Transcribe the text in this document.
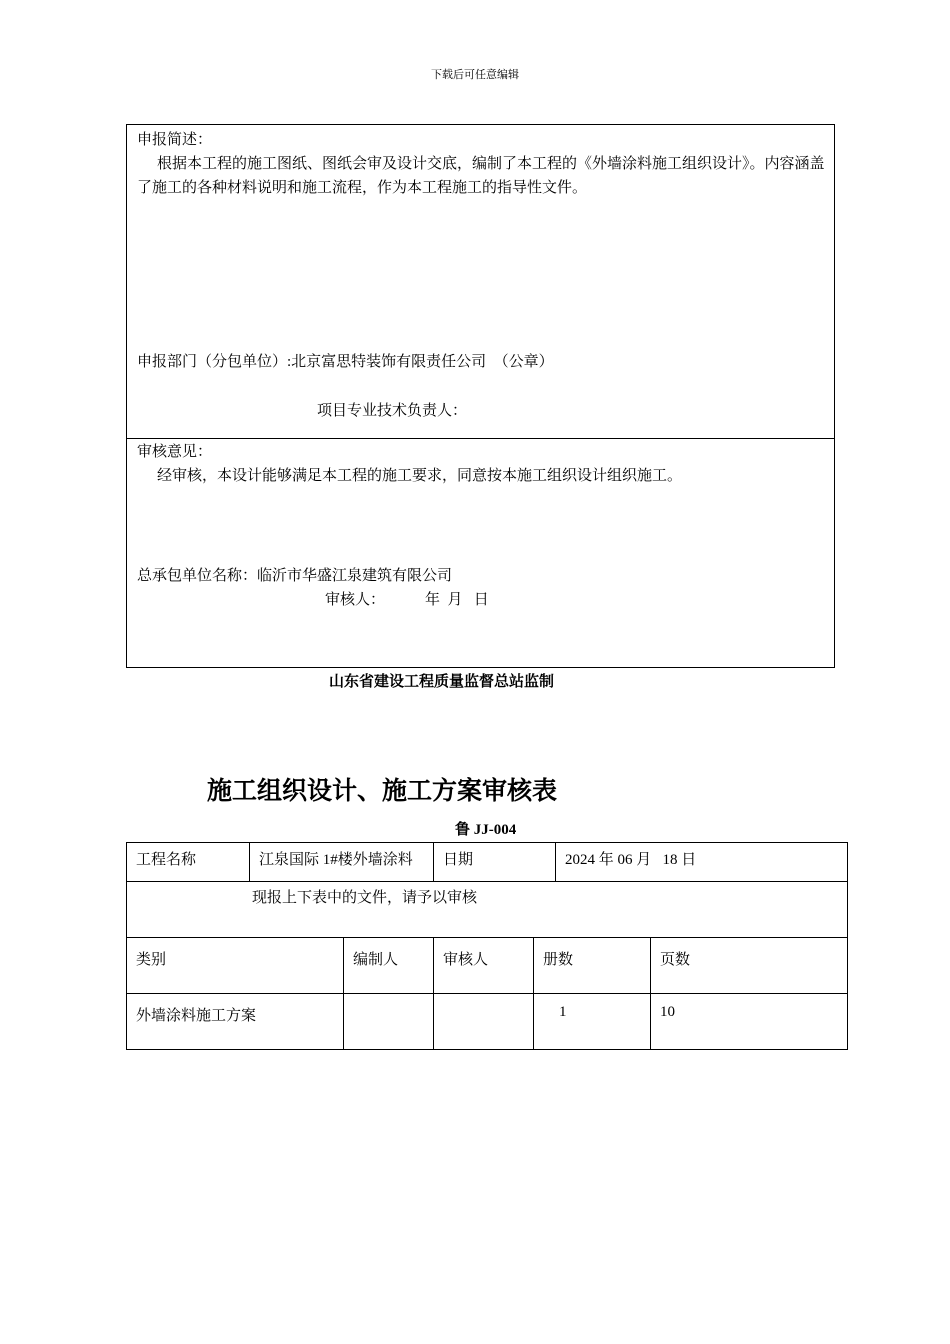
下载后可任意编辑
申报简述：
根据本工程的施工图纸、图纸会审及设计交底，编制了本工程的《外墙涂料施工组织设计》。内容涵盖了施工的各种材料说明和施工流程，作为本工程施工的指导性文件。
申报部门（分包单位）:北京富思特装饰有限责任公司　（公章）
项目专业技术负责人：
审核意见：
经审核，本设计能够满足本工程的施工要求，同意按本施工组织设计组织施工。
总承包单位名称：临沂市华盛江泉建筑有限公司
审核人：	年  月   日
山东省建设工程质量监督总站监制
施工组织设计、施工方案审核表
鲁 JJ-004
工程名称	江泉国际 1#楼外墙涂料		日期		2024 年 06 月   18 日	
现报上下表中的文件，请予以审核						
类别		编制人	审核人	册数		页数
外墙涂料施工方案				1		10
